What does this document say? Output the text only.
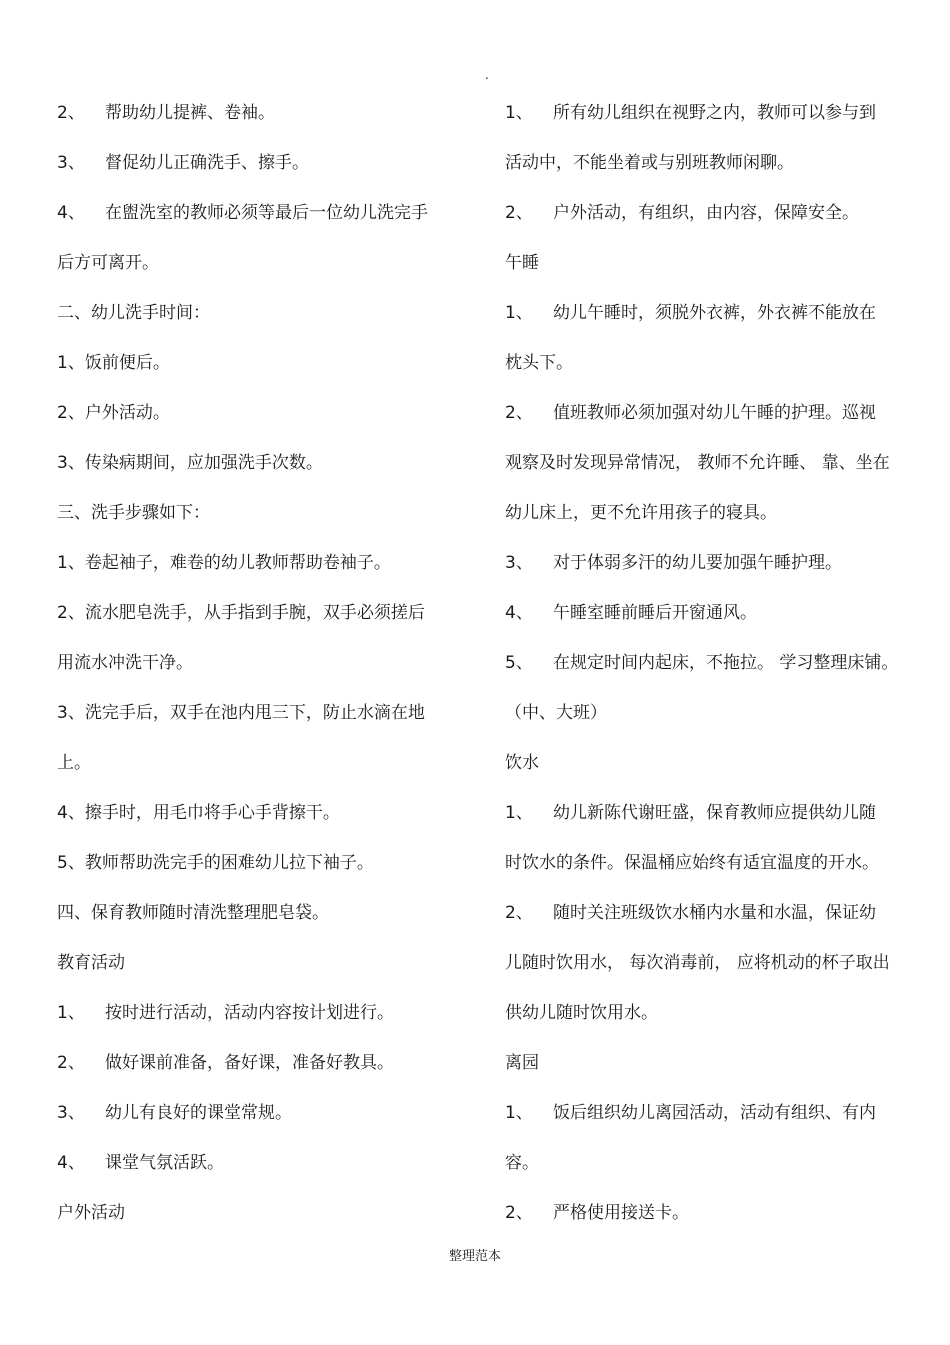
.
2、 帮助幼儿提裤、卷袖。
3、 督促幼儿正确洗手、擦手。
4、 在盥洗室的教师必须等最后一位幼儿洗完手
后方可离开。
二、幼儿洗手时间：
1、饭前便后。
2、户外活动。
3、传染病期间，应加强洗手次数。
三、洗手步骤如下：
1、卷起袖子，难卷的幼儿教师帮助卷袖子。
2、流水肥皂洗手，从手指到手腕，双手必须搓后
用流水冲洗干净。
3、洗完手后，双手在池内甩三下，防止水滴在地
上。
4、擦手时，用毛巾将手心手背擦干。
5、教师帮助洗完手的困难幼儿拉下袖子。
四、保育教师随时清洗整理肥皂袋。
教育活动
1、 按时进行活动，活动内容按计划进行。
2、 做好课前准备，备好课，准备好教具。
3、 幼儿有良好的课堂常规。
4、 课堂气氛活跃。
户外活动
1、 所有幼儿组织在视野之内，教师可以参与到
活动中，不能坐着或与别班教师闲聊。
2、 户外活动，有组织，由内容，保障安全。
午睡
1、 幼儿午睡时，须脱外衣裤，外衣裤不能放在
枕头下。
2、 值班教师必须加强对幼儿午睡的护理。巡视
观察及时发现异常情况， 教师不允许睡、 靠、坐在
幼儿床上，更不允许用孩子的寝具。
3、 对于体弱多汗的幼儿要加强午睡护理。
4、 午睡室睡前睡后开窗通风。
5、 在规定时间内起床，不拖拉。 学习整理床铺。
（中、大班）
饮水
1、 幼儿新陈代谢旺盛，保育教师应提供幼儿随
时饮水的条件。保温桶应始终有适宜温度的开水。
2、 随时关注班级饮水桶内水量和水温，保证幼
儿随时饮用水， 每次消毒前， 应将机动的杯子取出
供幼儿随时饮用水。
离园
1、 饭后组织幼儿离园活动，活动有组织、有内
容。
2、 严格使用接送卡。
整理范本
